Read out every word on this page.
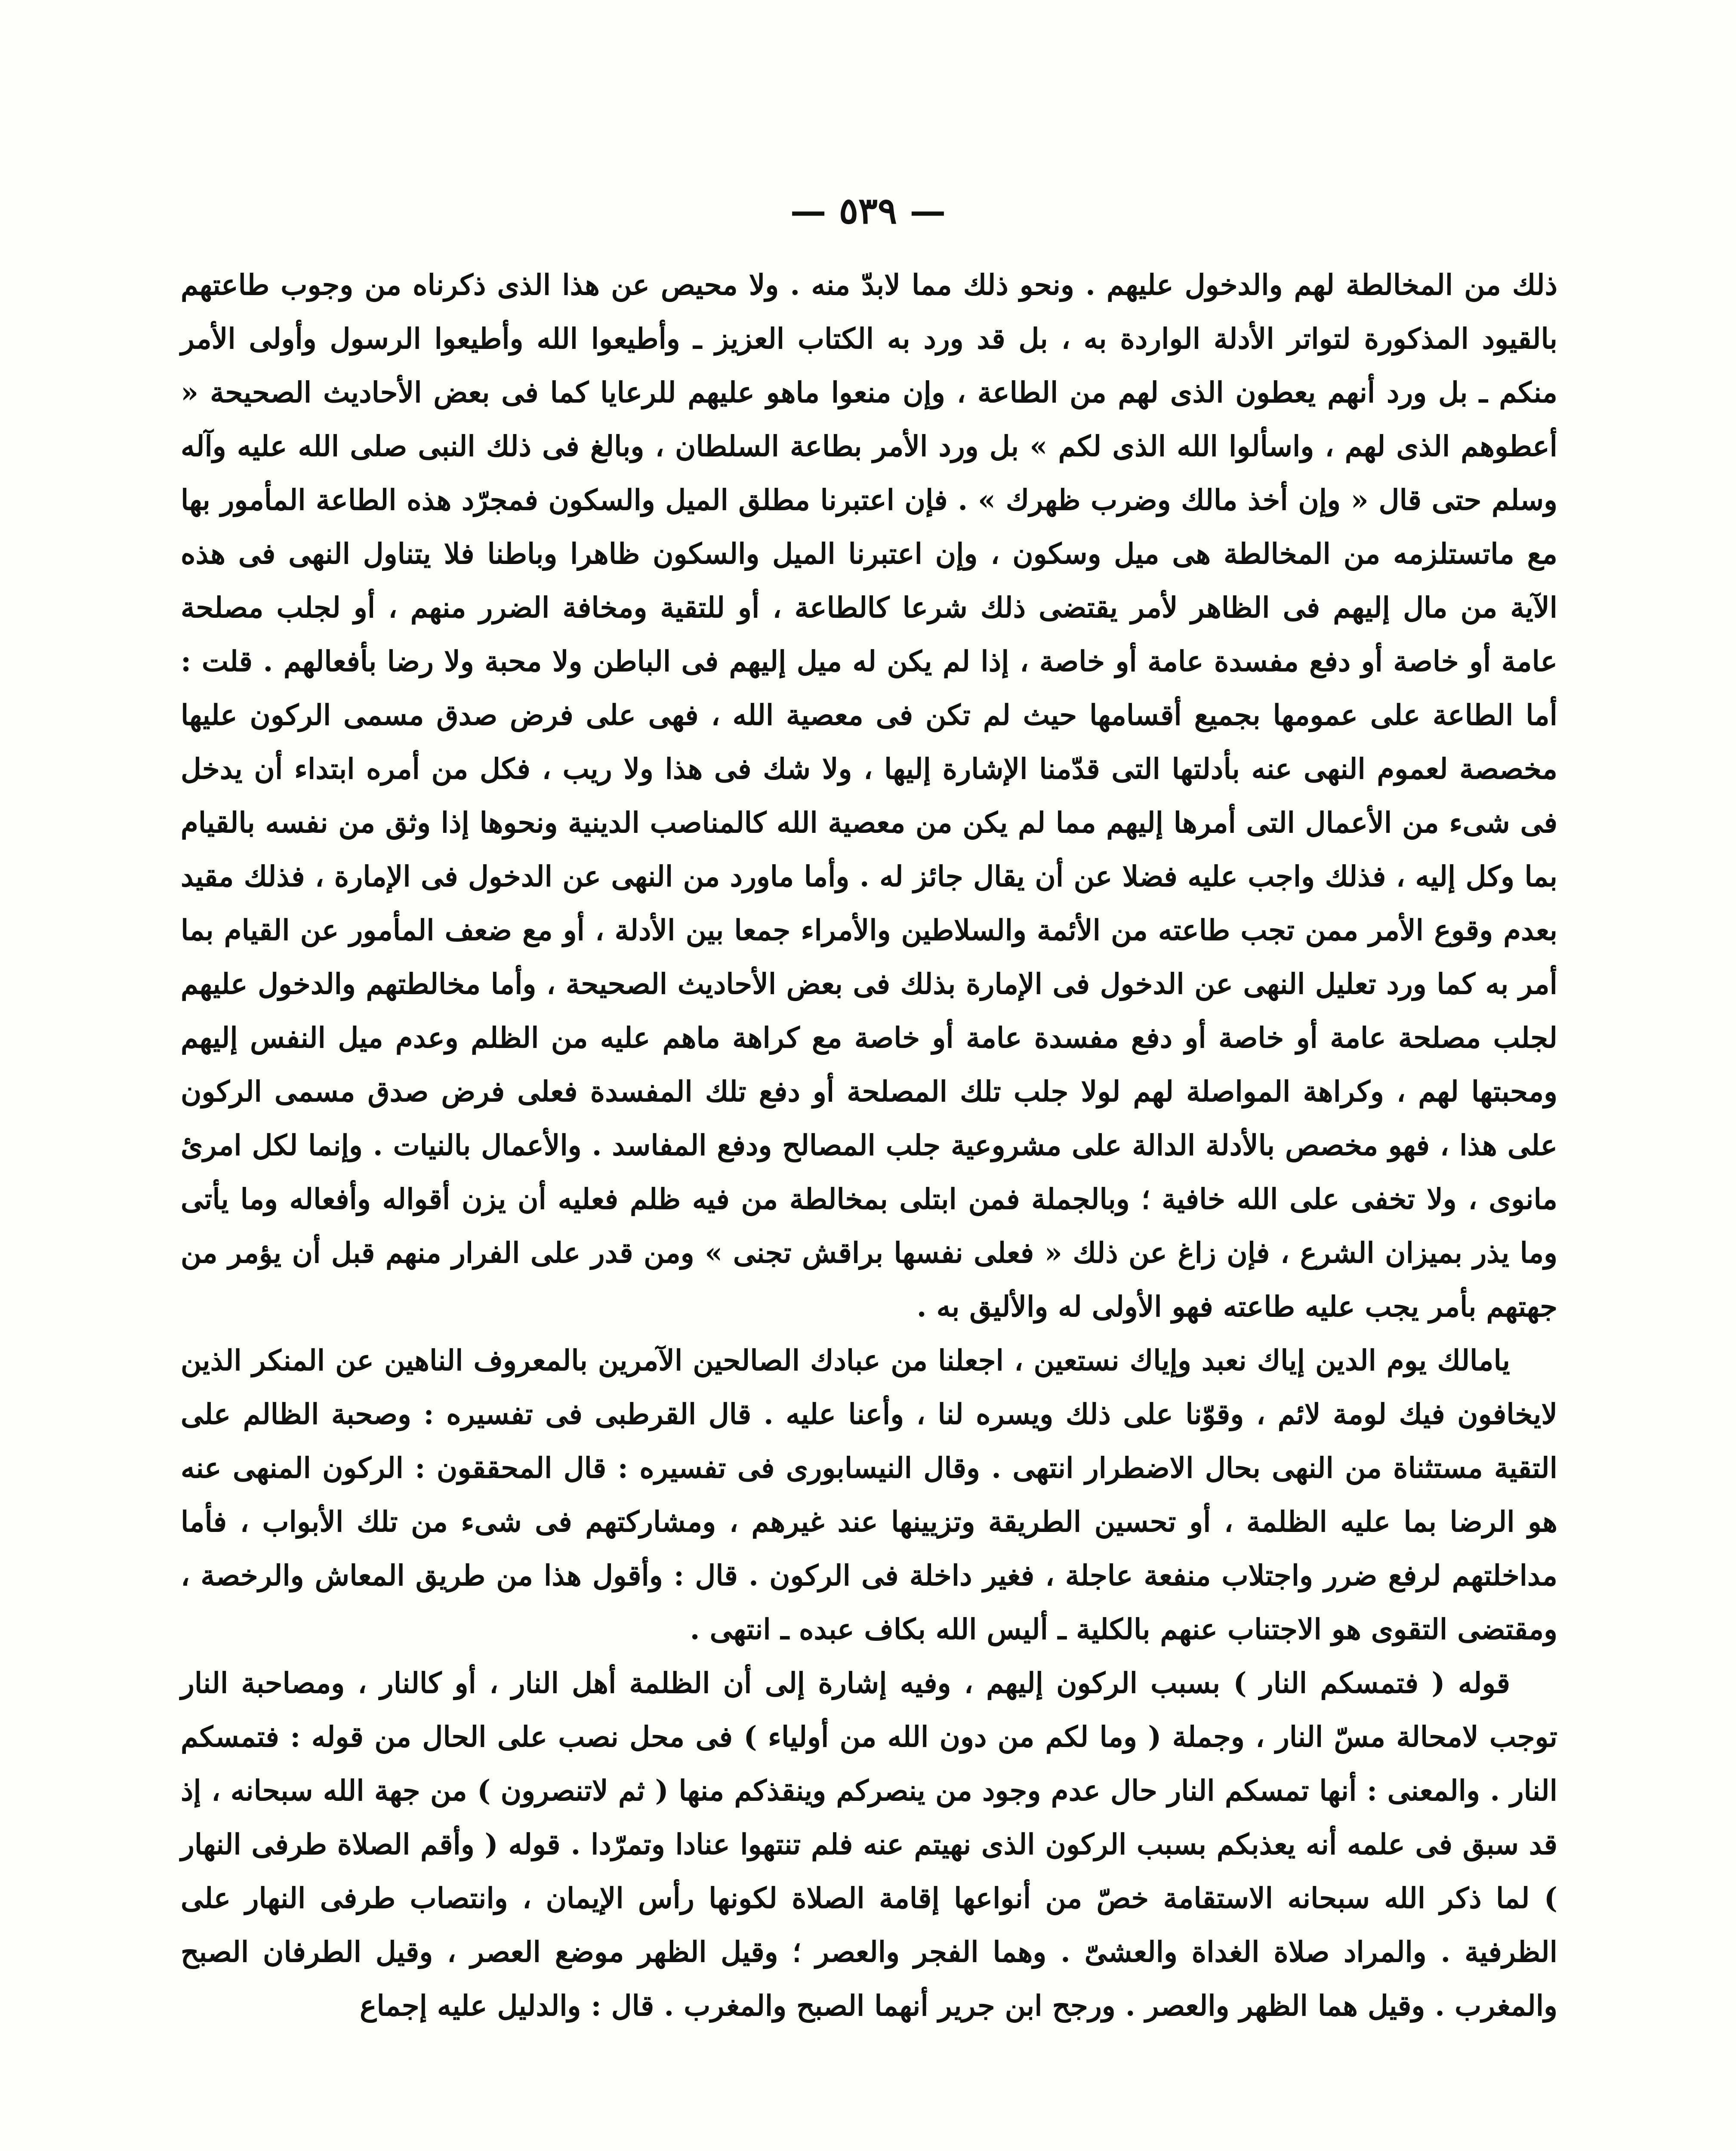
— ٥٣٩ —

ذلك من المخالطة لهم والدخول عليهم . ونحو ذلك مما لابدّ منه . ولا محيص عن هذا الذى ذكرناه من وجوب طاعتهم بالقيود المذكورة لتواتر الأدلة الواردة به ، بل قد ورد به الكتاب العزيز ـ وأطيعوا الله وأطيعوا الرسول وأولى الأمر منكم ـ بل ورد أنهم يعطون الذى لهم من الطاعة ، وإن منعوا ماهو عليهم للرعايا كما فى بعض الأحاديث الصحيحة « أعطوهم الذى لهم ، واسألوا الله الذى لكم » بل ورد الأمر بطاعة السلطان ، وبالغ فى ذلك النبى صلى الله عليه وآله وسلم حتى قال « وإن أخذ مالك وضرب ظهرك » . فإن اعتبرنا مطلق الميل والسكون فمجرّد هذه الطاعة المأمور بها مع ماتستلزمه من المخالطة هى ميل وسكون ، وإن اعتبرنا الميل والسكون ظاهرا وباطنا فلا يتناول النهى فى هذه الآية من مال إليهم فى الظاهر لأمر يقتضى ذلك شرعا كالطاعة ، أو للتقية ومخافة الضرر منهم ، أو لجلب مصلحة عامة أو خاصة أو دفع مفسدة عامة أو خاصة ، إذا لم يكن له ميل إليهم فى الباطن ولا محبة ولا رضا بأفعالهم . قلت : أما الطاعة على عمومها بجميع أقسامها حيث لم تكن فى معصية الله ، فهى على فرض صدق مسمى الركون عليها مخصصة لعموم النهى عنه بأدلتها التى قدّمنا الإشارة إليها ، ولا شك فى هذا ولا ريب ، فكل من أمره ابتداء أن يدخل فى شىء من الأعمال التى أمرها إليهم مما لم يكن من معصية الله كالمناصب الدينية ونحوها إذا وثق من نفسه بالقيام بما وكل إليه ، فذلك واجب عليه فضلا عن أن يقال جائز له . وأما ماورد من النهى عن الدخول فى الإمارة ، فذلك مقيد بعدم وقوع الأمر ممن تجب طاعته من الأئمة والسلاطين والأمراء جمعا بين الأدلة ، أو مع ضعف المأمور عن القيام بما أمر به كما ورد تعليل النهى عن الدخول فى الإمارة بذلك فى بعض الأحاديث الصحيحة ، وأما مخالطتهم والدخول عليهم لجلب مصلحة عامة أو خاصة أو دفع مفسدة عامة أو خاصة مع كراهة ماهم عليه من الظلم وعدم ميل النفس إليهم ومحبتها لهم ، وكراهة المواصلة لهم لولا جلب تلك المصلحة أو دفع تلك المفسدة فعلى فرض صدق مسمى الركون على هذا ، فهو مخصص بالأدلة الدالة على مشروعية جلب المصالح ودفع المفاسد . والأعمال بالنيات . وإنما لكل امرئ مانوى ، ولا تخفى على الله خافية ؛ وبالجملة فمن ابتلى بمخالطة من فيه ظلم فعليه أن يزن أقواله وأفعاله وما يأتى وما يذر بميزان الشرع ، فإن زاغ عن ذلك « فعلى نفسها براقش تجنى » ومن قدر على الفرار منهم قبل أن يؤمر من جهتهم بأمر يجب عليه طاعته فهو الأولى له والأليق به .

يامالك يوم الدين إياك نعبد وإياك نستعين ، اجعلنا من عبادك الصالحين الآمرين بالمعروف الناهين عن المنكر الذين لايخافون فيك لومة لائم ، وقوّنا على ذلك ويسره لنا ، وأعنا عليه . قال القرطبى فى تفسيره : وصحبة الظالم على التقية مستثناة من النهى بحال الاضطرار انتهى . وقال النيسابورى فى تفسيره : قال المحققون : الركون المنهى عنه هو الرضا بما عليه الظلمة ، أو تحسين الطريقة وتزيينها عند غيرهم ، ومشاركتهم فى شىء من تلك الأبواب ، فأما مداخلتهم لرفع ضرر واجتلاب منفعة عاجلة ، فغير داخلة فى الركون . قال : وأقول هذا من طريق المعاش والرخصة ، ومقتضى التقوى هو الاجتناب عنهم بالكلية ـ أليس الله بكاف عبده ـ انتهى .

قوله ( فتمسكم النار ) بسبب الركون إليهم ، وفيه إشارة إلى أن الظلمة أهل النار ، أو كالنار ، ومصاحبة النار توجب لامحالة مسّ النار ، وجملة ( وما لكم من دون الله من أولياء ) فى محل نصب على الحال من قوله : فتمسكم النار . والمعنى : أنها تمسكم النار حال عدم وجود من ينصركم وينقذكم منها ( ثم لاتنصرون ) من جهة الله سبحانه ، إذ قد سبق فى علمه أنه يعذبكم بسبب الركون الذى نهيتم عنه فلم تنتهوا عنادا وتمرّدا . قوله ( وأقم الصلاة طرفى النهار ) لما ذكر الله سبحانه الاستقامة خصّ من أنواعها إقامة الصلاة لكونها رأس الإيمان ، وانتصاب طرفى النهار على الظرفية . والمراد صلاة الغداة والعشىّ . وهما الفجر والعصر ؛ وقيل الظهر موضع العصر ، وقيل الطرفان الصبح والمغرب . وقيل هما الظهر والعصر . ورجح ابن جرير أنهما الصبح والمغرب . قال : والدليل عليه إجماع
